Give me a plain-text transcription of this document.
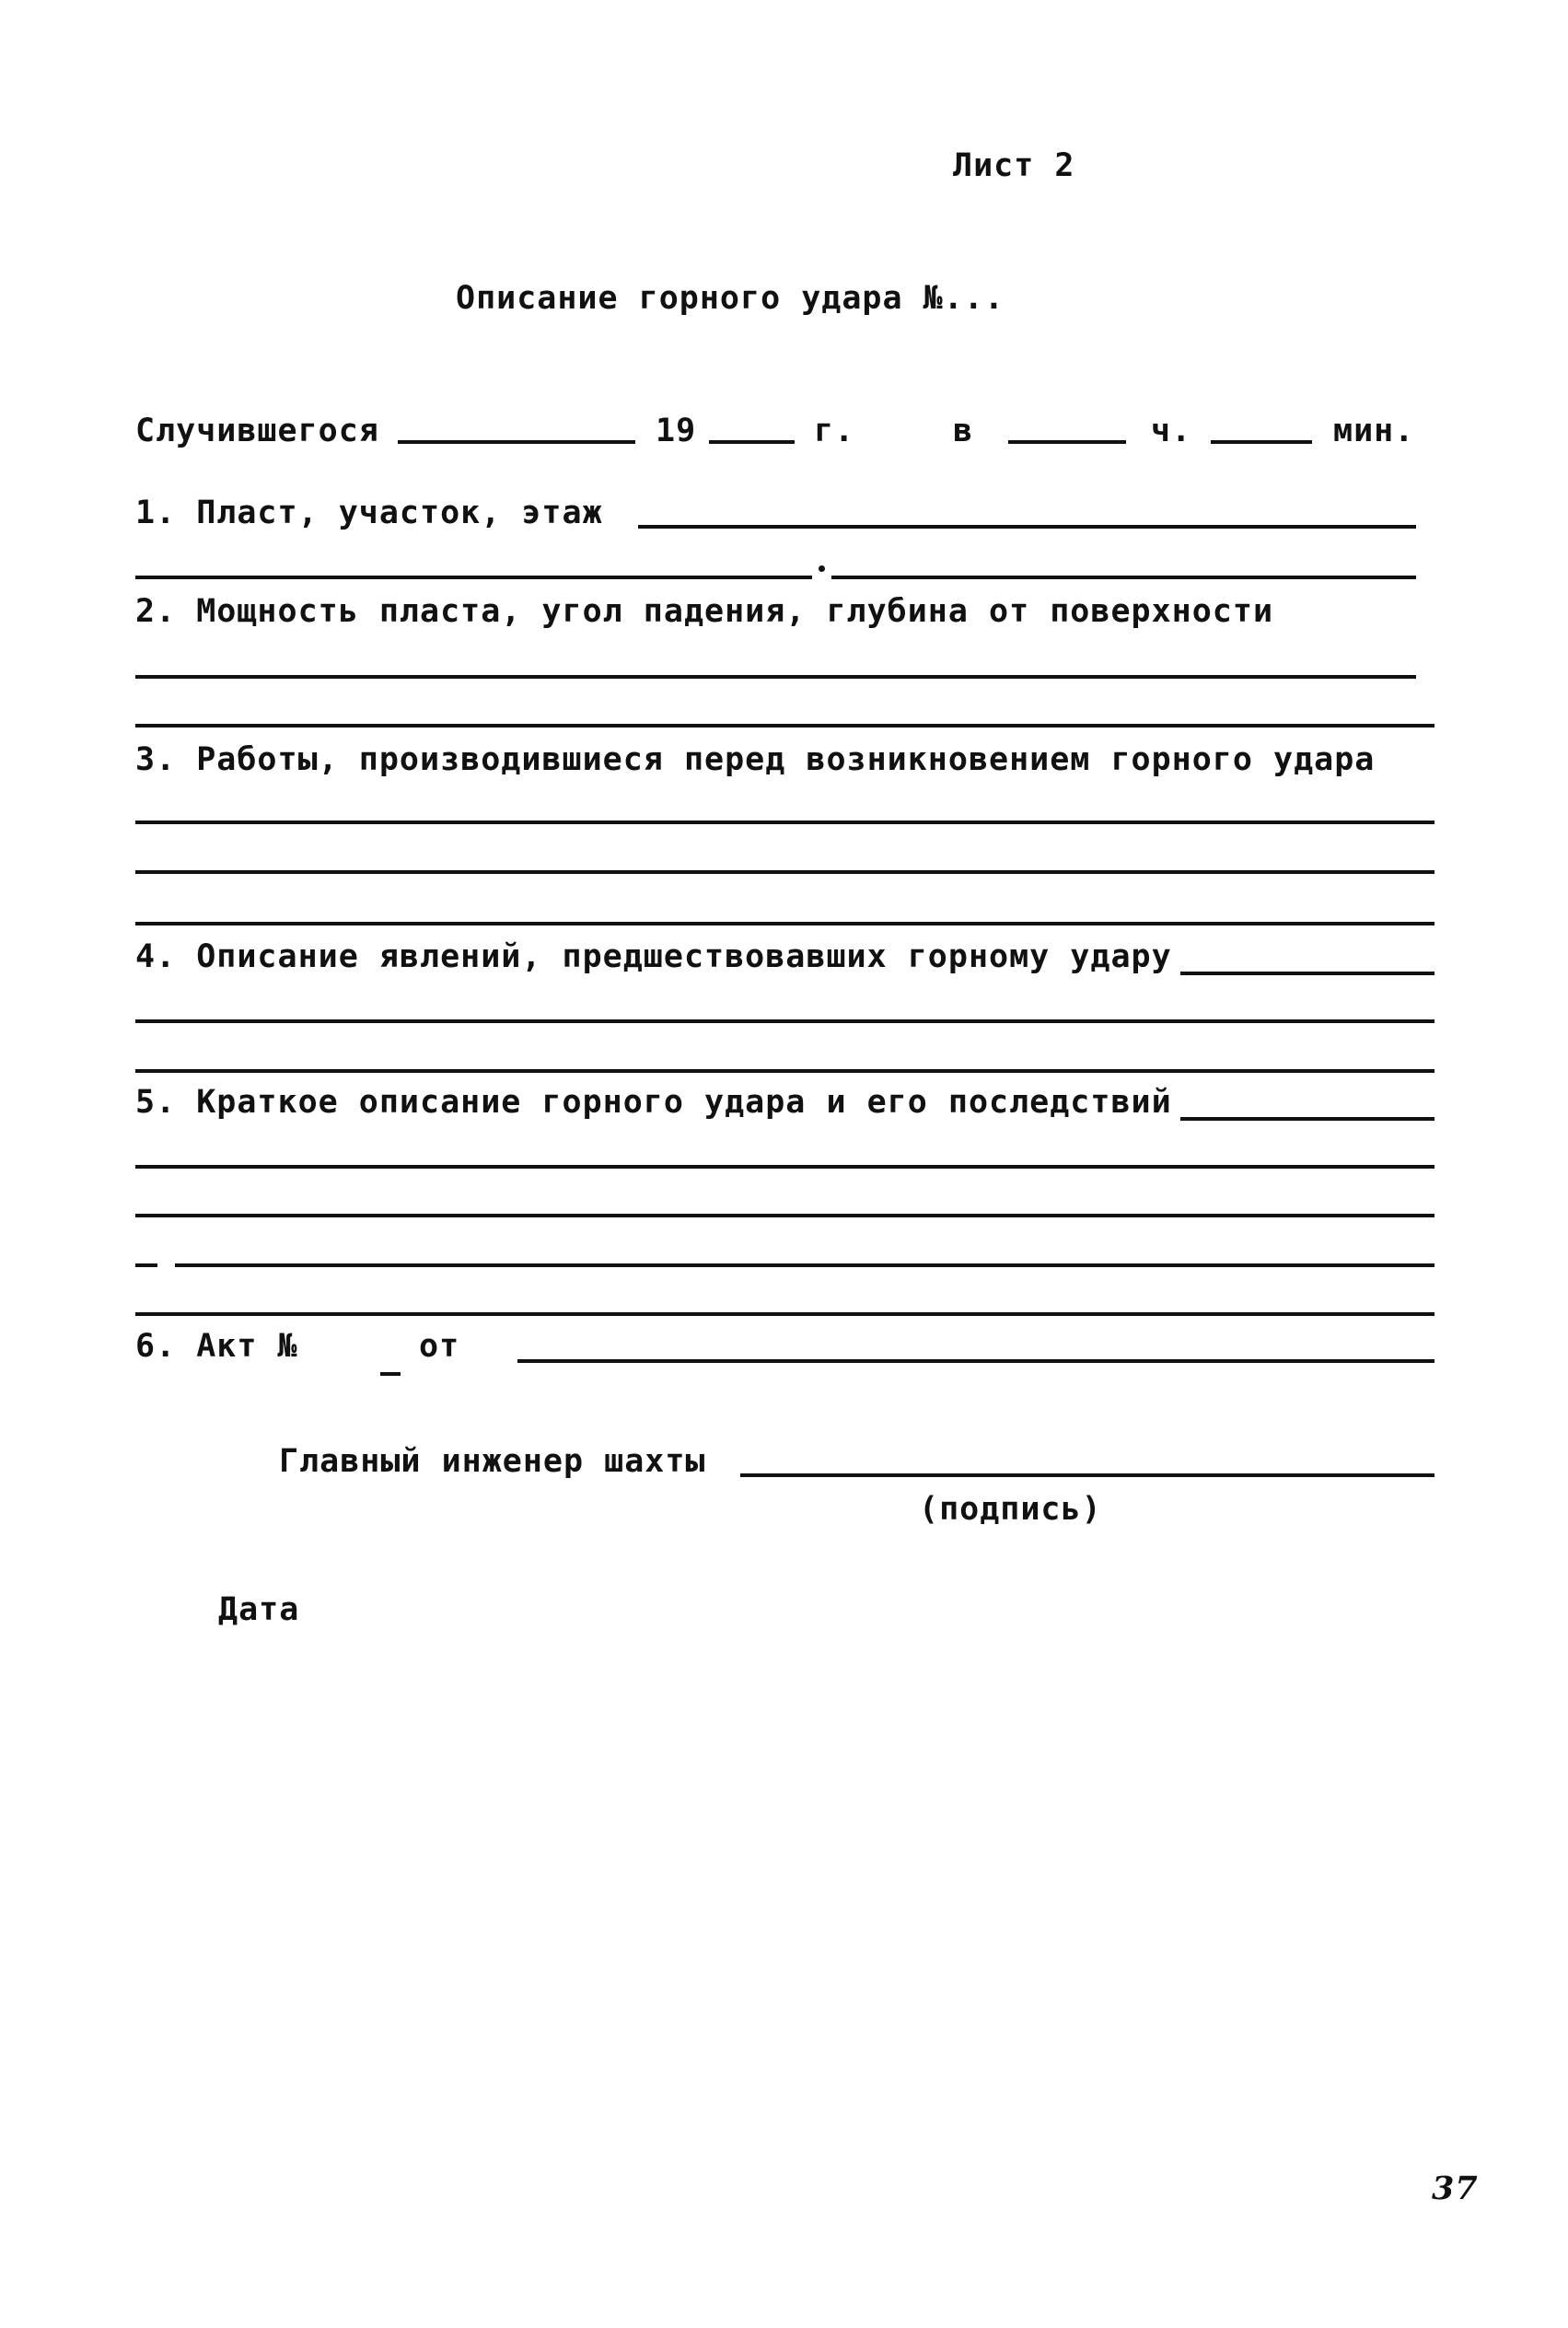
Лист 2
Описание горного удара №...
Случившегося	19	г.	в	ч.	мин.
1. Пласт, участок, этаж
2. Мощность пласта, угол падения, глубина от поверхности
3. Работы, производившиеся перед возникновением горного удара
4. Описание явлений, предшествовавших горному удару
5. Краткое описание горного удара и его последствий
6. Акт №	от
Главный инженер шахты
(подпись)
Дата
37
